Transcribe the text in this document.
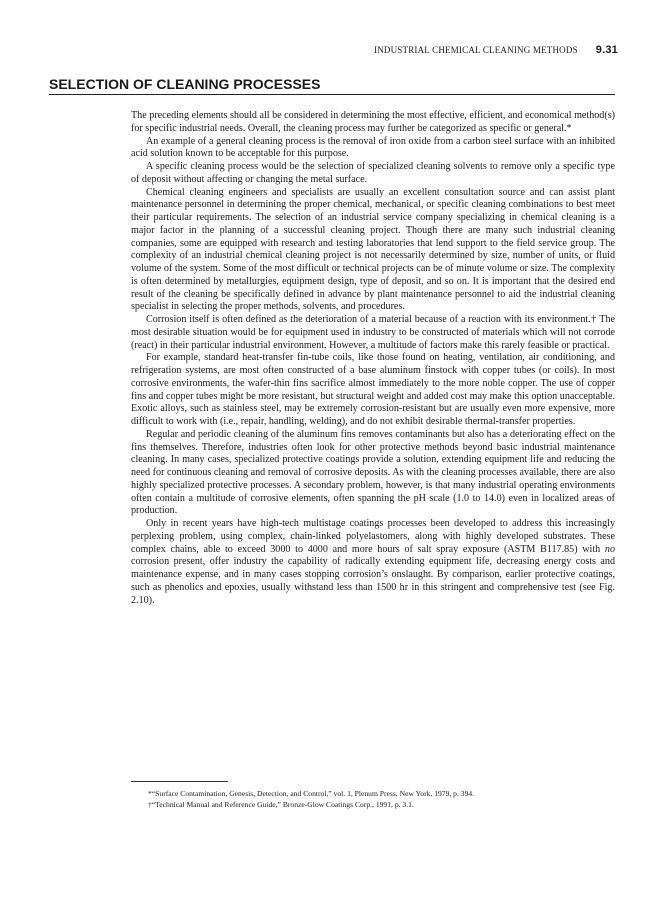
INDUSTRIAL CHEMICAL CLEANING METHODS 9.31
SELECTION OF CLEANING PROCESSES

The preceding elements should all be considered in determining the most effective, efficient, and economical method(s) for specific industrial needs. Overall, the cleaning process may further be categorized as specific or general.*

An example of a general cleaning process is the removal of iron oxide from a carbon steel surface with an inhibited acid solution known to be acceptable for this purpose.

A specific cleaning process would be the selection of specialized cleaning solvents to remove only a specific type of deposit without affecting or changing the metal surface.

Chemical cleaning engineers and specialists are usually an excellent consultation source and can assist plant maintenance personnel in determining the proper chemical, mechanical, or specific cleaning combinations to best meet their particular requirements. The selection of an industrial service company specializing in chemical cleaning is a major factor in the planning of a successful cleaning project. Though there are many such industrial cleaning companies, some are equipped with research and testing laboratories that lend support to the field service group. The complexity of an industrial chemical cleaning project is not necessarily determined by size, number of units, or fluid volume of the system. Some of the most difficult or technical projects can be of minute volume or size. The complexity is often determined by metallurgies, equipment design, type of deposit, and so on. It is important that the desired end result of the cleaning be specifically defined in advance by plant maintenance personnel to aid the industrial cleaning specialist in selecting the proper methods, solvents, and procedures.

Corrosion itself is often defined as the deterioration of a material because of a reaction with its environment.† The most desirable situation would be for equipment used in industry to be constructed of materials which will not corrode (react) in their particular industrial environment. However, a multitude of factors make this rarely feasible or practical.

For example, standard heat-transfer fin-tube coils, like those found on heating, ventilation, air conditioning, and refrigeration systems, are most often constructed of a base aluminum finstock with copper tubes (or coils). In most corrosive environments, the wafer-thin fins sacrifice almost immediately to the more noble copper. The use of copper fins and copper tubes might be more resistant, but structural weight and added cost may make this option unacceptable. Exotic alloys, such as stainless steel, may be extremely corrosion-resistant but are usually even more expensive, more difficult to work with (i.e., repair, handling, welding), and do not exhibit desirable thermal-transfer properties.

Regular and periodic cleaning of the aluminum fins removes contaminants but also has a deteriorating effect on the fins themselves. Therefore, industries often look for other protective methods beyond basic industrial maintenance cleaning. In many cases, specialized protective coatings provide a solution, extending equipment life and reducing the need for continuous cleaning and removal of corrosive deposits. As with the cleaning processes available, there are also highly specialized protective processes. A secondary problem, however, is that many industrial operating environments often contain a multitude of corrosive elements, often spanning the pH scale (1.0 to 14.0) even in localized areas of production.

Only in recent years have high-tech multistage coatings processes been developed to address this increasingly perplexing problem, using complex, chain-linked polyelastomers, along with highly developed substrates. These complex chains, able to exceed 3000 to 4000 and more hours of salt spray exposure (ASTM B117.85) with no corrosion present, offer industry the capability of radically extending equipment life, decreasing energy costs and maintenance expense, and in many cases stopping corrosion’s onslaught. By comparison, earlier protective coatings, such as phenolics and epoxies, usually withstand less than 1500 hr in this stringent and comprehensive test (see Fig. 2.10).

*“Surface Contamination, Genesis, Detection, and Control,” vol. 1, Plenum Press, New York, 1979, p. 394.

†“Technical Manual and Reference Guide,” Bronze-Glow Coatings Corp., 1991, p. 3.1.
